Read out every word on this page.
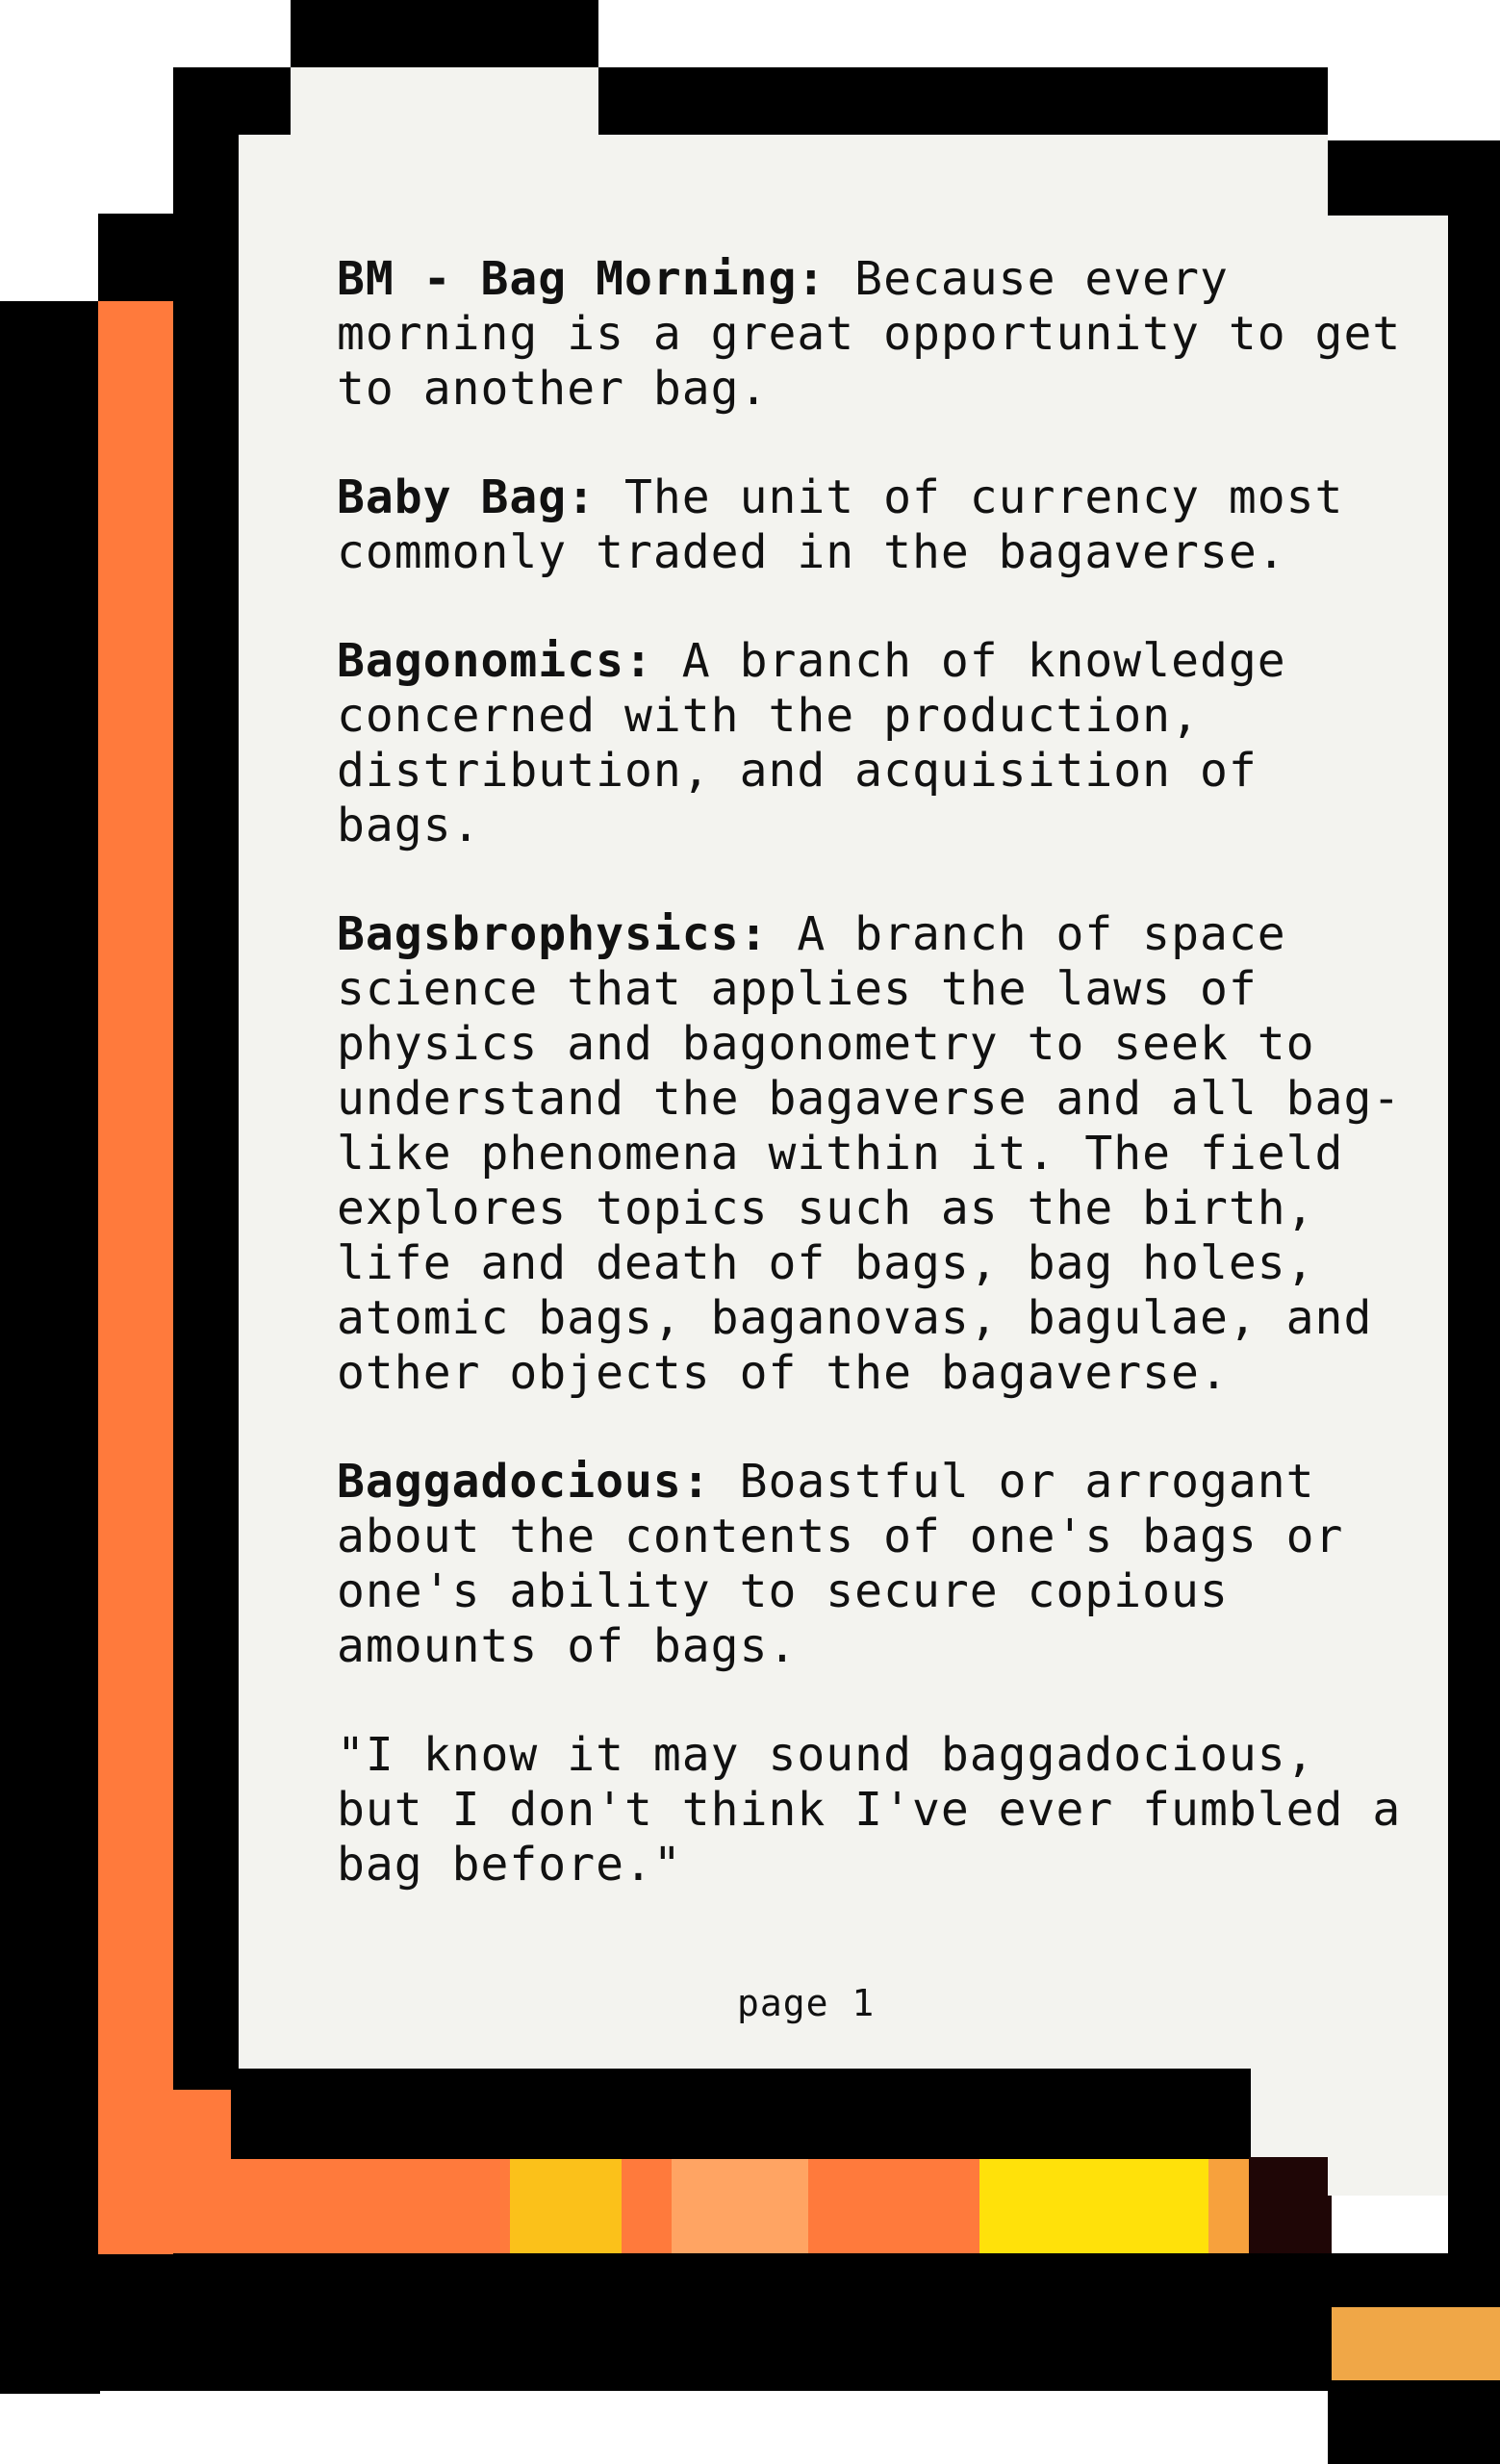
BM - Bag Morning: Because every morning is a great opportunity to get to another bag.

Baby Bag: The unit of currency most commonly traded in the bagaverse.

Bagonomics: A branch of knowledge concerned with the production, distribution, and acquisition of bags.

Bagsbrophysics: A branch of space science that applies the laws of physics and bagonometry to seek to understand the bagaverse and all bag-like phenomena within it. The field explores topics such as the birth, life and death of bags, bag holes, atomic bags, baganovas, bagulae, and other objects of the bagaverse.

Baggadocious: Boastful or arrogant about the contents of one's bags or one's ability to secure copious amounts of bags.

"I know it may sound baggadocious, but I don't think I've ever fumbled a bag before."

page 1
